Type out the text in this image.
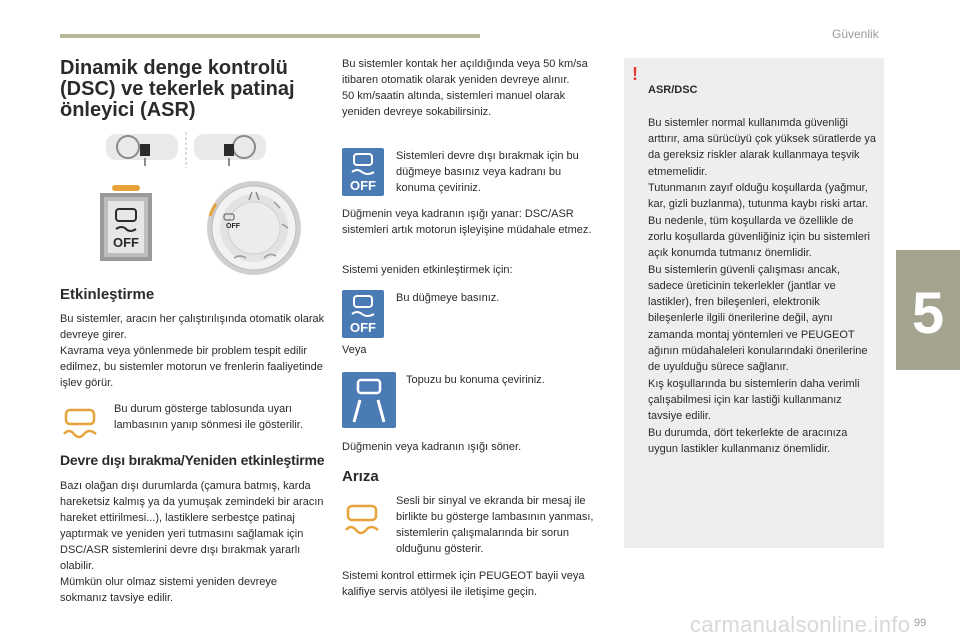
Güvenlik
5
Dinamik denge kontrolü
(DSC) ve tekerlek patinaj
önleyici (ASR)
OFF
OFF
Etkinleştirme
Bu sistemler, aracın her çalıştırılışında otomatik olarak devreye girer.
Kavrama veya yönlenmede bir problem tespit edilir edilmez, bu sistemler motorun ve frenlerin faaliyetinde işlev görür.
Bu durum gösterge tablosunda uyarı lambasının yanıp sönmesi ile gösterilir.
Devre dışı bırakma/Yeniden etkinleştirme
Bazı olağan dışı durumlarda (çamura batmış, karda hareketsiz kalmış ya da yumuşak zemindeki bir aracın hareket ettirilmesi...), lastiklere serbestçe patinaj yaptırmak ve yeniden yeri tutmasını sağlamak için DSC/ASR sistemlerini devre dışı bırakmak yararlı olabilir.
Mümkün olur olmaz sistemi yeniden devreye sokmanız tavsiye edilir.
Bu sistemler kontak her açıldığında veya 50 km/sa itibaren otomatik olarak yeniden devreye alınır.
50 km/saatin altında, sistemleri manuel olarak yeniden devreye sokabilirsiniz.
OFF
Sistemleri devre dışı bırakmak için bu düğmeye basınız veya kadranı bu konuma çeviriniz.
Düğmenin veya kadranın ışığı yanar: DSC/ASR sistemleri artık motorun işleyişine müdahale etmez.
Sistemi yeniden etkinleştirmek için:
OFF
Bu düğmeye basınız.
Veya
Topuzu bu konuma çeviriniz.
Düğmenin veya kadranın ışığı söner.
Arıza
Sesli bir sinyal ve ekranda bir mesaj ile birlikte bu gösterge lambasının yanması, sistemlerin çalışmalarında bir sorun olduğunu gösterir.
Sistemi kontrol ettirmek için PEUGEOT bayii veya kalifiye servis atölyesi ile iletişime geçin.
!

ASR/DSC

Bu sistemler normal kullanımda güvenliği arttırır, ama sürücüyü çok yüksek süratlerde ya da gereksiz riskler alarak kullanmaya teşvik etmemelidir.
Tutunmanın zayıf olduğu koşullarda (yağmur, kar, gizli buzlanma), tutunma kaybı riski artar. Bu nedenle, tüm koşullarda ve özellikle de zorlu koşullarda güvenliğiniz için bu sistemleri açık konumda tutmanız önemlidir.
Bu sistemlerin güvenli çalışması ancak, sadece üreticinin tekerlekler (jantlar ve lastikler), fren bileşenleri, elektronik bileşenlerle ilgili önerilerine değil, aynı zamanda montaj yöntemleri ve PEUGEOT ağının müdahaleleri konularındaki önerilerine de uyulduğu sürece sağlanır.
Kış koşullarında bu sistemlerin daha verimli çalışabilmesi için kar lastiği kullanmanız tavsiye edilir.
Bu durumda, dört tekerlekte de aracınıza uygun lastikler kullanmanız önemlidir.

carmanualsonline.info 99
